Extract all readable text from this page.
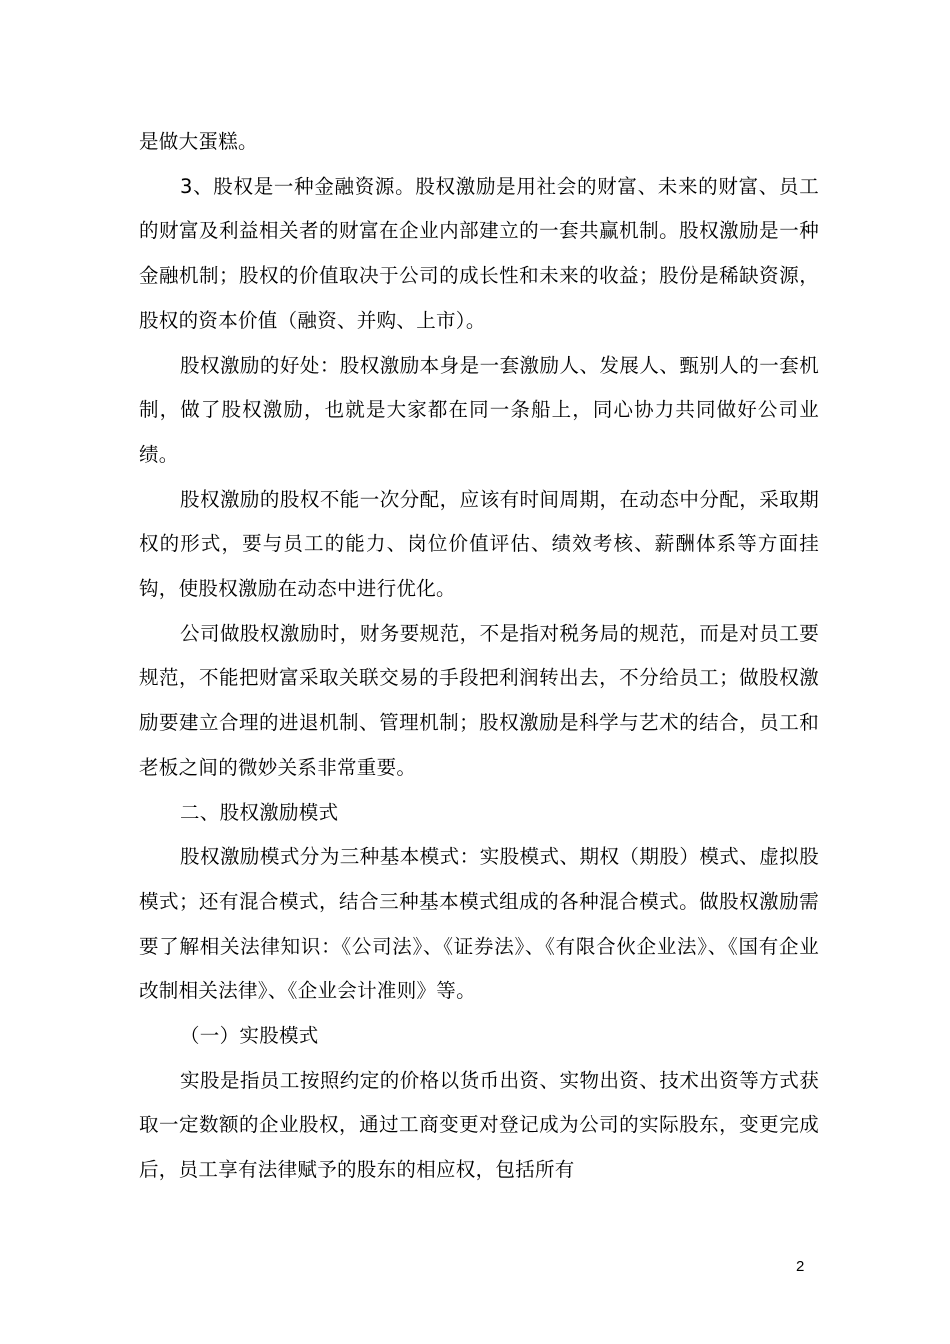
是做大蛋糕。

3、股权是一种金融资源。股权激励是用社会的财富、未来的财富、员工的财富及利益相关者的财富在企业内部建立的一套共赢机制。股权激励是一种金融机制；股权的价值取决于公司的成长性和未来的收益；股份是稀缺资源，股权的资本价值（融资、并购、上市）。

股权激励的好处：股权激励本身是一套激励人、发展人、甄别人的一套机制，做了股权激励，也就是大家都在同一条船上，同心协力共同做好公司业绩。

股权激励的股权不能一次分配，应该有时间周期，在动态中分配，采取期权的形式，要与员工的能力、岗位价值评估、绩效考核、薪酬体系等方面挂钩，使股权激励在动态中进行优化。

公司做股权激励时，财务要规范，不是指对税务局的规范，而是对员工要规范，不能把财富采取关联交易的手段把利润转出去，不分给员工；做股权激励要建立合理的进退机制、管理机制；股权激励是科学与艺术的结合，员工和老板之间的微妙关系非常重要。

二、股权激励模式

股权激励模式分为三种基本模式：实股模式、期权（期股）模式、虚拟股模式；还有混合模式，结合三种基本模式组成的各种混合模式。做股权激励需要了解相关法律知识：《公司法》、《证券法》、《有限合伙企业法》、《国有企业改制相关法律》、《企业会计准则》等。

（一）实股模式

实股是指员工按照约定的价格以货币出资、实物出资、技术出资等方式获取一定数额的企业股权，通过工商变更对登记成为公司的实际股东，变更完成后，员工享有法律赋予的股东的相应权，包括所有

2
